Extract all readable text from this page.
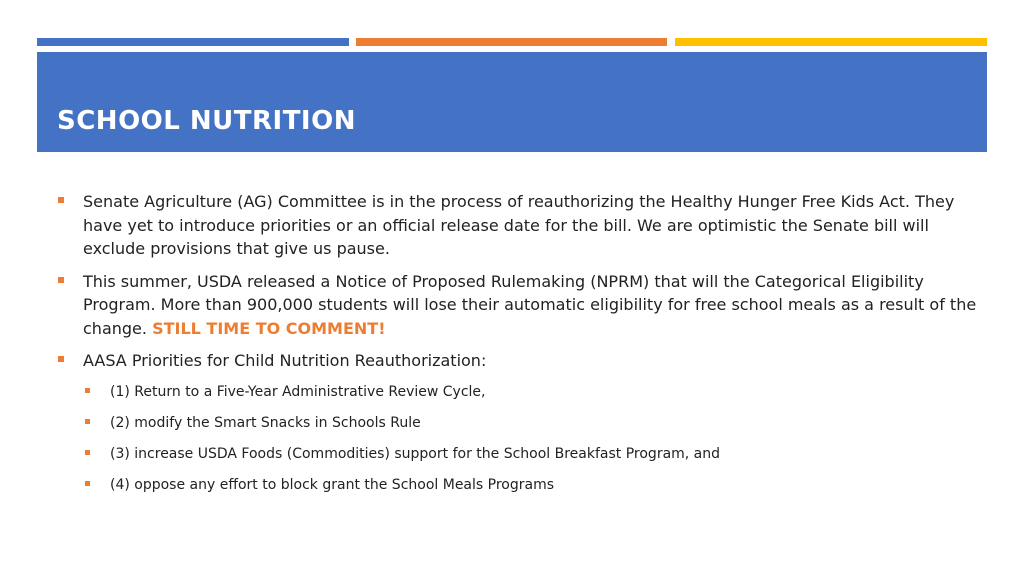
SCHOOL NUTRITION
Senate Agriculture (AG) Committee is in the process of reauthorizing the Healthy Hunger Free Kids Act. They have yet to introduce priorities or an official release date for the bill. We are optimistic the Senate bill will exclude provisions that give us pause.
This summer, USDA released a Notice of Proposed Rulemaking (NPRM) that will the Categorical Eligibility Program. More than 900,000 students will lose their automatic eligibility for free school meals as a result of the change. STILL TIME TO COMMENT!
AASA Priorities for Child Nutrition Reauthorization:
(1) Return to a Five-Year Administrative Review Cycle,
(2) modify the Smart Snacks in Schools Rule
(3) increase USDA Foods (Commodities) support for the School Breakfast Program, and
(4) oppose any effort to block grant the School Meals Programs
